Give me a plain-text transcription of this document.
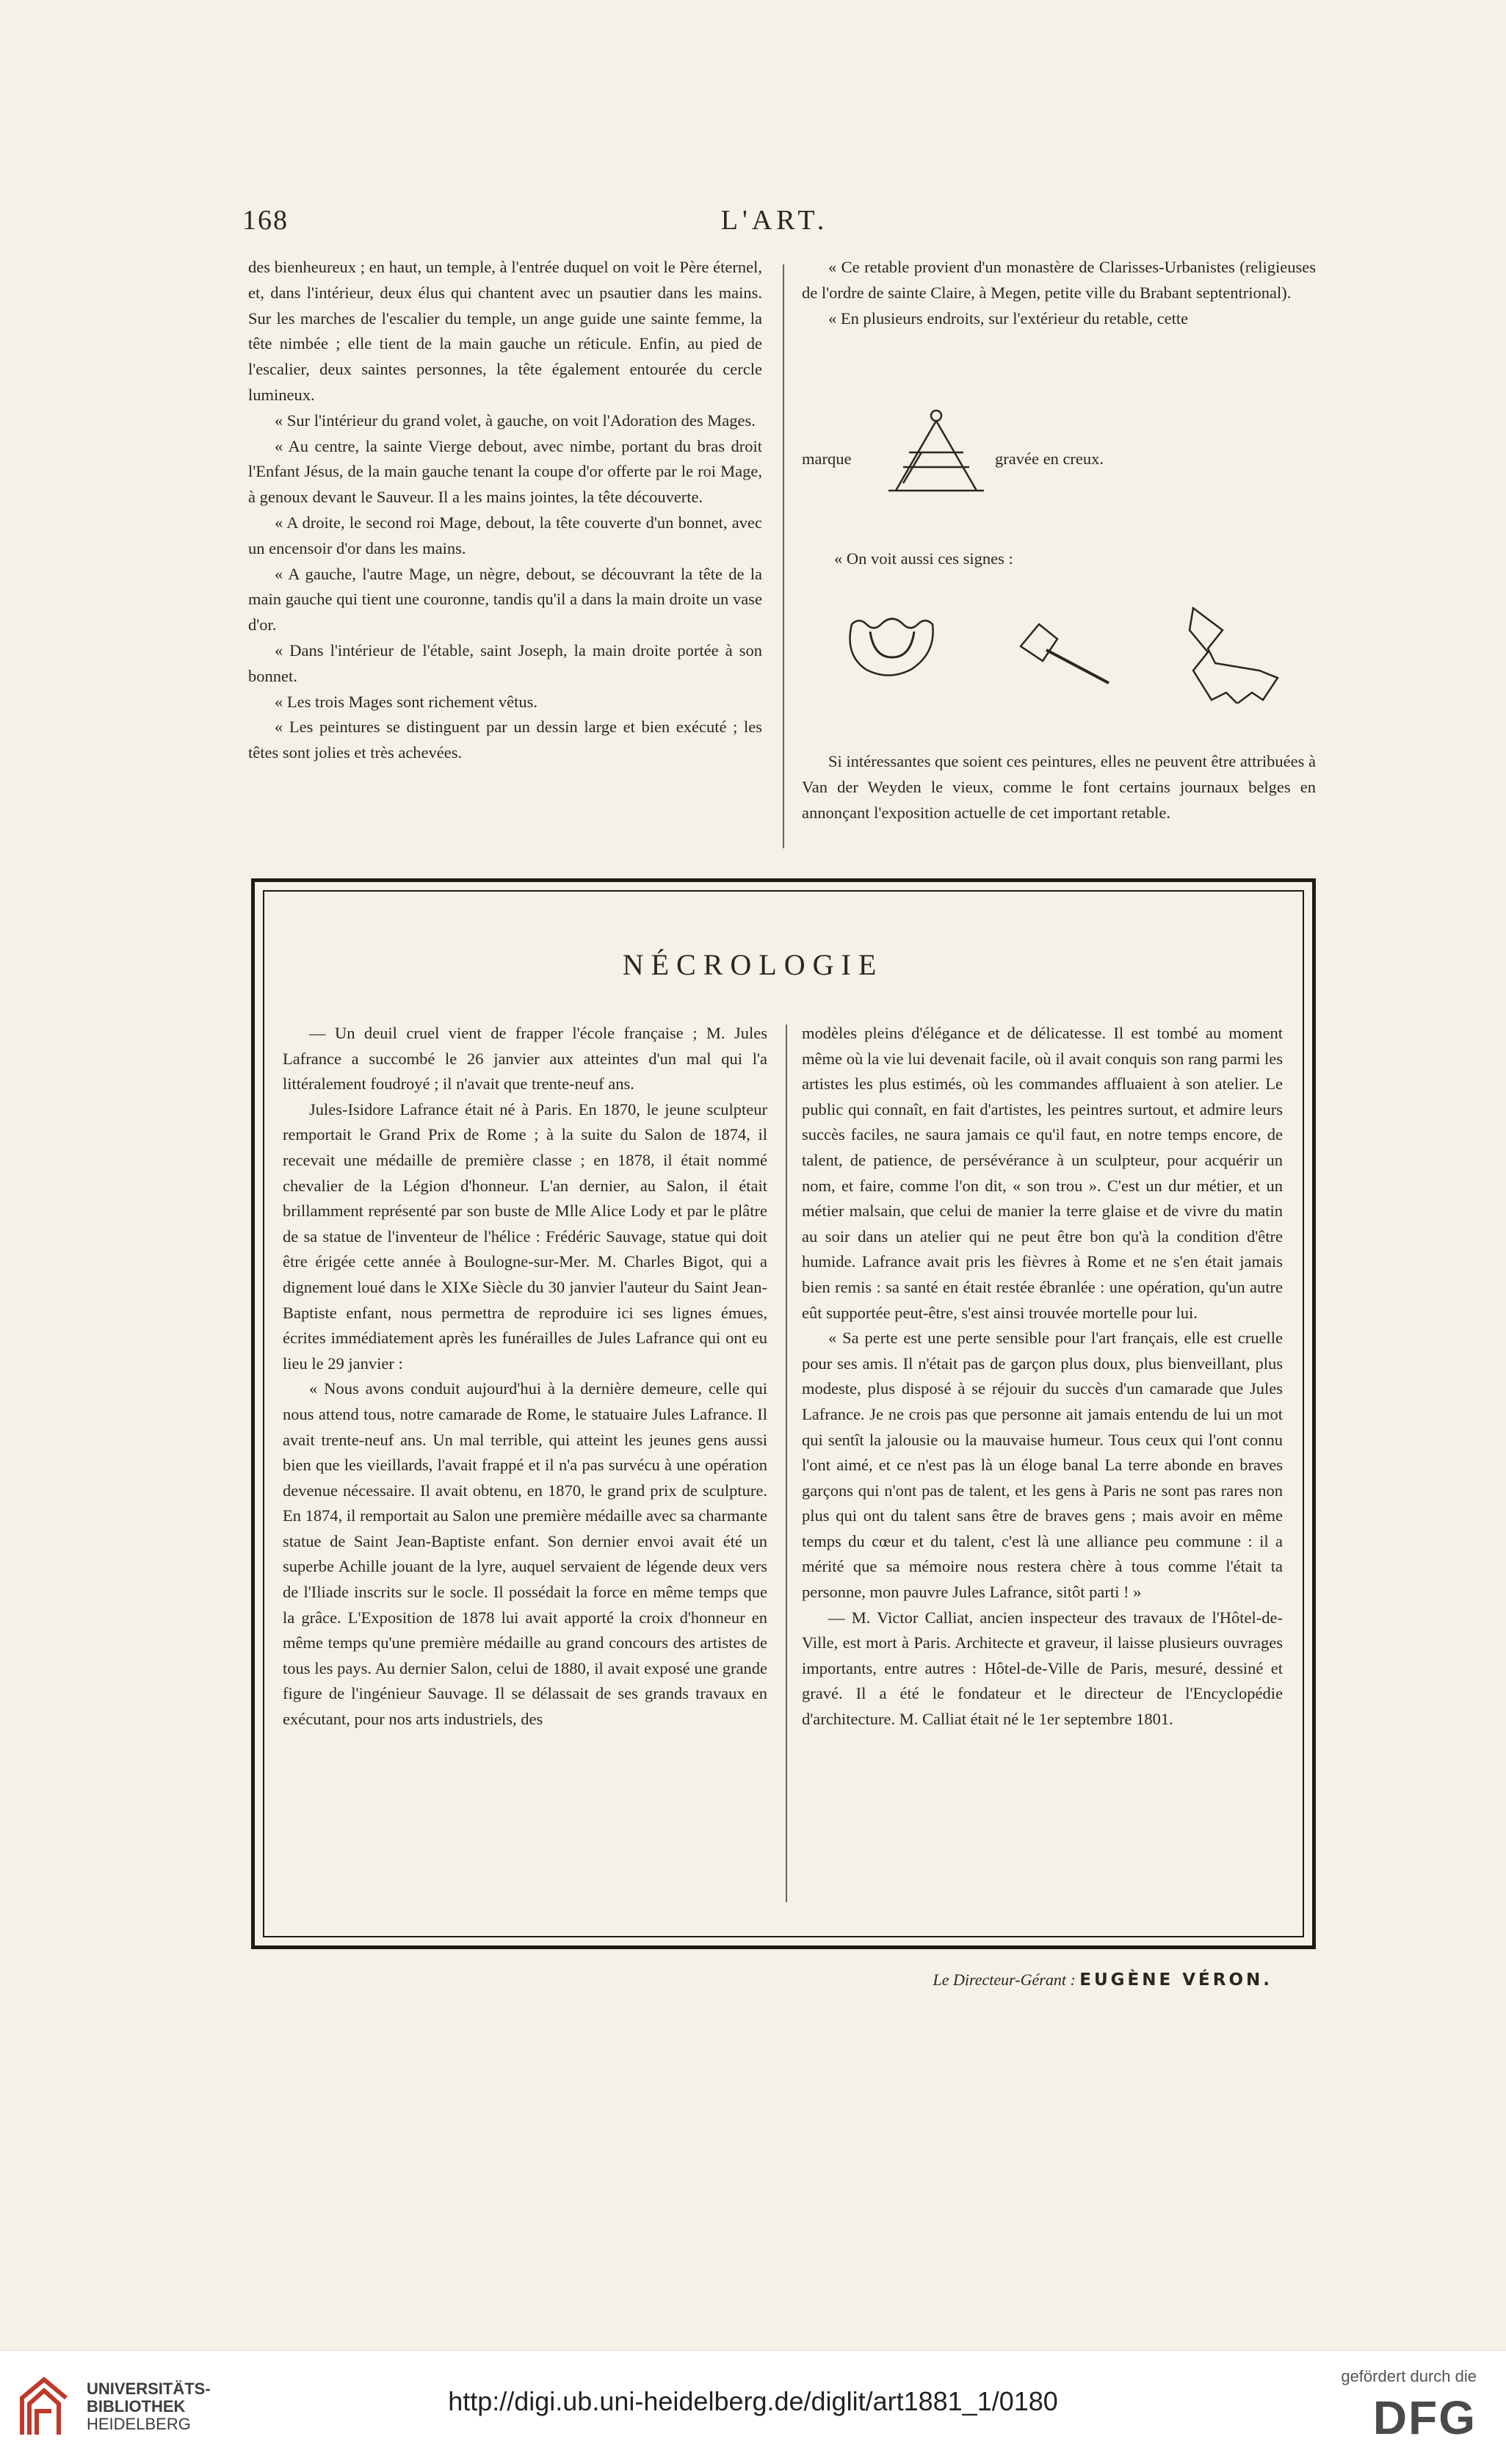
168	L'ART.

des bienheureux ; en haut, un temple, à l'entrée duquel on voit le Père éternel, et, dans l'intérieur, deux élus qui chantent avec un psautier dans les mains. Sur les marches de l'escalier du temple, un ange guide une sainte femme, la tête nimbée ; elle tient de la main gauche un réticule. Enfin, au pied de l'escalier, deux saintes personnes, la tête également entourée du cercle lumineux.

« Sur l'intérieur du grand volet, à gauche, on voit l'Adoration des Mages.

« Au centre, la sainte Vierge debout, avec nimbe, portant du bras droit l'Enfant Jésus, de la main gauche tenant la coupe d'or offerte par le roi Mage, à genoux devant le Sauveur. Il a les mains jointes, la tête découverte.

« A droite, le second roi Mage, debout, la tête couverte d'un bonnet, avec un encensoir d'or dans les mains.

« A gauche, l'autre Mage, un nègre, debout, se découvrant la tête de la main gauche qui tient une couronne, tandis qu'il a dans la main droite un vase d'or.

« Dans l'intérieur de l'étable, saint Joseph, la main droite portée à son bonnet.

« Les trois Mages sont richement vêtus.

« Les peintures se distinguent par un dessin large et bien exécuté ; les têtes sont jolies et très achevées.

« Ce retable provient d'un monastère de Clarisses-Urbanistes (religieuses de l'ordre de sainte Claire, à Megen, petite ville du Brabant septentrional).

« En plusieurs endroits, sur l'extérieur du retable, cette

marque	gravée en creux.
« On voit aussi ces signes :

Si intéressantes que soient ces peintures, elles ne peuvent être attribuées à Van der Weyden le vieux, comme le font certains journaux belges en annonçant l'exposition actuelle de cet important retable.

NÉCROLOGIE

— Un deuil cruel vient de frapper l'école française ; M. Jules Lafrance a succombé le 26 janvier aux atteintes d'un mal qui l'a littéralement foudroyé ; il n'avait que trente-neuf ans.

Jules-Isidore Lafrance était né à Paris. En 1870, le jeune sculpteur remportait le Grand Prix de Rome ; à la suite du Salon de 1874, il recevait une médaille de première classe ; en 1878, il était nommé chevalier de la Légion d'honneur. L'an dernier, au Salon, il était brillamment représenté par son buste de Mlle Alice Lody et par le plâtre de sa statue de l'inventeur de l'hélice : Frédéric Sauvage, statue qui doit être érigée cette année à Boulogne-sur-Mer. M. Charles Bigot, qui a dignement loué dans le XIXe Siècle du 30 janvier l'auteur du Saint Jean-Baptiste enfant, nous permettra de reproduire ici ses lignes émues, écrites immédiatement après les funérailles de Jules Lafrance qui ont eu lieu le 29 janvier :

« Nous avons conduit aujourd'hui à la dernière demeure, celle qui nous attend tous, notre camarade de Rome, le statuaire Jules Lafrance. Il avait trente-neuf ans. Un mal terrible, qui atteint les jeunes gens aussi bien que les vieillards, l'avait frappé et il n'a pas survécu à une opération devenue nécessaire. Il avait obtenu, en 1870, le grand prix de sculpture. En 1874, il remportait au Salon une première médaille avec sa charmante statue de Saint Jean-Baptiste enfant. Son dernier envoi avait été un superbe Achille jouant de la lyre, auquel servaient de légende deux vers de l'Iliade inscrits sur le socle. Il possédait la force en même temps que la grâce. L'Exposition de 1878 lui avait apporté la croix d'honneur en même temps qu'une première médaille au grand concours des artistes de tous les pays. Au dernier Salon, celui de 1880, il avait exposé une grande figure de l'ingénieur Sauvage. Il se délassait de ses grands travaux en exécutant, pour nos arts industriels, des

modèles pleins d'élégance et de délicatesse. Il est tombé au moment même où la vie lui devenait facile, où il avait conquis son rang parmi les artistes les plus estimés, où les commandes affluaient à son atelier. Le public qui connaît, en fait d'artistes, les peintres surtout, et admire leurs succès faciles, ne saura jamais ce qu'il faut, en notre temps encore, de talent, de patience, de persévérance à un sculpteur, pour acquérir un nom, et faire, comme l'on dit, « son trou ». C'est un dur métier, et un métier malsain, que celui de manier la terre glaise et de vivre du matin au soir dans un atelier qui ne peut être bon qu'à la condition d'être humide. Lafrance avait pris les fièvres à Rome et ne s'en était jamais bien remis : sa santé en était restée ébranlée : une opération, qu'un autre eût supportée peut-être, s'est ainsi trouvée mortelle pour lui.

« Sa perte est une perte sensible pour l'art français, elle est cruelle pour ses amis. Il n'était pas de garçon plus doux, plus bienveillant, plus modeste, plus disposé à se réjouir du succès d'un camarade que Jules Lafrance. Je ne crois pas que personne ait jamais entendu de lui un mot qui sentît la jalousie ou la mauvaise humeur. Tous ceux qui l'ont connu l'ont aimé, et ce n'est pas là un éloge banal La terre abonde en braves garçons qui n'ont pas de talent, et les gens à Paris ne sont pas rares non plus qui ont du talent sans être de braves gens ; mais avoir en même temps du cœur et du talent, c'est là une alliance peu commune : il a mérité que sa mémoire nous restera chère à tous comme l'était ta personne, mon pauvre Jules Lafrance, sitôt parti ! »

— M. Victor Calliat, ancien inspecteur des travaux de l'Hôtel-de-Ville, est mort à Paris. Architecte et graveur, il laisse plusieurs ouvrages importants, entre autres : Hôtel-de-Ville de Paris, mesuré, dessiné et gravé. Il a été le fondateur et le directeur de l'Encyclopédie d'architecture. M. Calliat était né le 1er septembre 1801.

Le Directeur-Gérant : EUGÈNE VÉRON.
UNIVERSITÄTS-
BIBLIOTHEK
HEIDELBERG
http://digi.ub.uni-heidelberg.de/diglit/art1881_1/0180
gefördert durch die
DFG
